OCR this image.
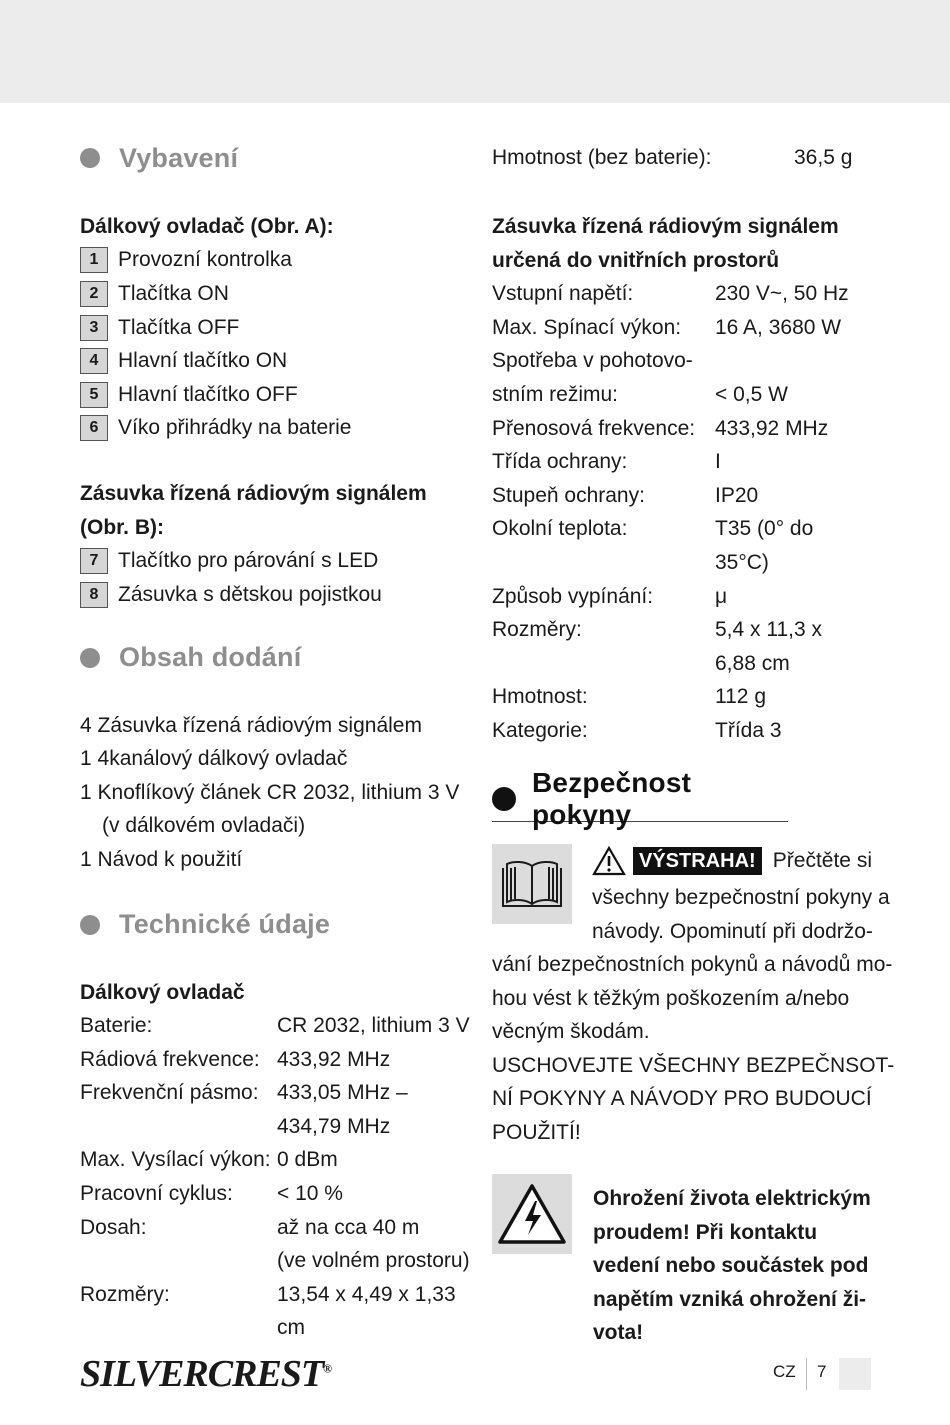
Vybavení
Dálkový ovladač (Obr. A):
1 Provozní kontrolka
2 Tlačítka ON
3 Tlačítka OFF
4 Hlavní tlačítko ON
5 Hlavní tlačítko OFF
6 Víko přihrádky na baterie
Zásuvka řízená rádiovým signálem
(Obr. B):
7 Tlačítko pro párování s LED
8 Zásuvka s dětskou pojistkou
Obsah dodání
4 Zásuvka řízená rádiovým signálem
1 4kanálový dálkový ovladač
1 Knoflíkový článek CR 2032, lithium 3 V
(v dálkovém ovladači)
1 Návod k použití
Technické údaje
Dálkový ovladač
Baterie:	CR 2032, lithium 3 V
Rádiová frekvence: 433,92 MHz
Frekvenční pásmo: 433,05 MHz –
434,79 MHz
Max. Vysílací výkon: 0 dBm
Pracovní cyklus:	< 10 %
Dosah:	až na cca 40 m
(ve volném prostoru)
Rozměry:	13,54 x 4,49 x 1,33
cm
Hmotnost (bez baterie):	36,5 g
Zásuvka řízená rádiovým signálem
určená do vnitřních prostorů
Vstupní napětí:	230 V~, 50 Hz
Max. Spínací výkon:	16 A, 3680 W
Spotřeba v pohotovo-
stním režimu:	< 0,5 W
Přenosová frekvence: 433,92 MHz
Třída ochrany:	I
Stupeň ochrany:	IP20
Okolní teplota:	T35 (0° do
35°C)
Způsob vypínání:	μ
Rozměry:	5,4 x 11,3 x
6,88 cm
Hmotnost:	112 g
Kategorie:	Třída 3
Bezpečnost pokyny
VÝSTRAHA! Přečtěte si
všechny bezpečnostní pokyny a
návody. Opominutí při dodržo-
vání bezpečnostních pokynů a návodů mo-
hou vést k těžkým poškozením a/nebo
věcným škodám.
USCHOVEJTE VŠECHNY BEZPEČNSOT-
NÍ POKYNY A NÁVODY PRO BUDOUCÍ
POUŽITÍ!
Ohrožení života elektrickým
proudem! Při kontaktu
vedení nebo součástek pod
napětím vzniká ohrožení ži-
vota!
SILVERCREST®	CZ 7
